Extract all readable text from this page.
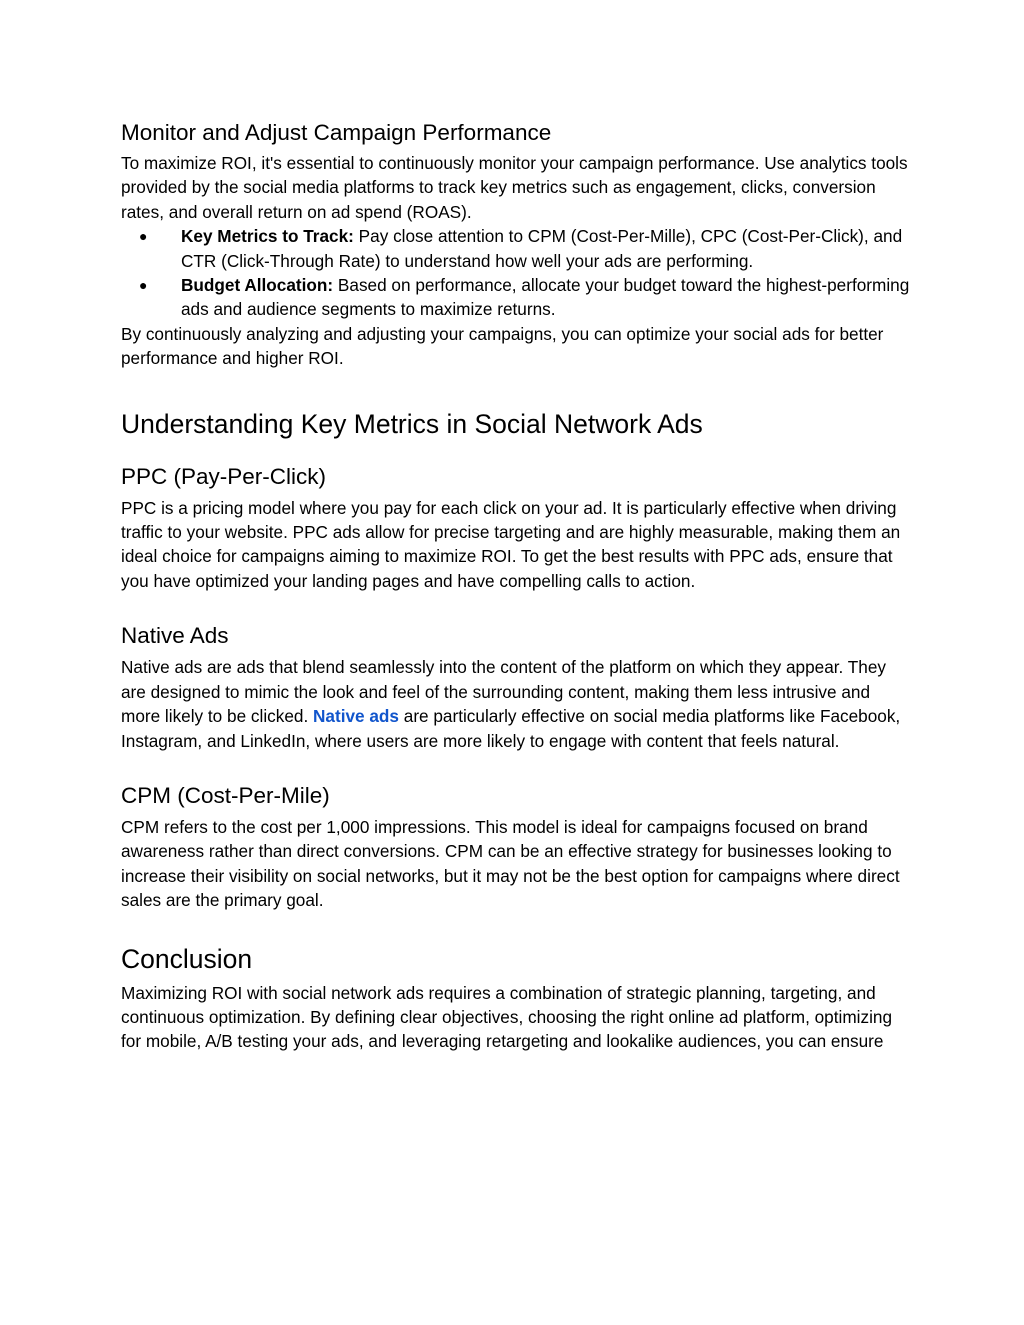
Monitor and Adjust Campaign Performance

To maximize ROI, it's essential to continuously monitor your campaign performance. Use analytics tools provided by the social media platforms to track key metrics such as engagement, clicks, conversion rates, and overall return on ad spend (ROAS).

● Key Metrics to Track: Pay close attention to CPM (Cost-Per-Mille), CPC (Cost-Per-Click), and CTR (Click-Through Rate) to understand how well your ads are performing.
● Budget Allocation: Based on performance, allocate your budget toward the highest-performing ads and audience segments to maximize returns.

By continuously analyzing and adjusting your campaigns, you can optimize your social ads for better performance and higher ROI.

Understanding Key Metrics in Social Network Ads
PPC (Pay-Per-Click)

PPC is a pricing model where you pay for each click on your ad. It is particularly effective when driving traffic to your website. PPC ads allow for precise targeting and are highly measurable, making them an ideal choice for campaigns aiming to maximize ROI. To get the best results with PPC ads, ensure that you have optimized your landing pages and have compelling calls to action.

Native Ads

Native ads are ads that blend seamlessly into the content of the platform on which they appear. They are designed to mimic the look and feel of the surrounding content, making them less intrusive and more likely to be clicked. Native ads are particularly effective on social media platforms like Facebook, Instagram, and LinkedIn, where users are more likely to engage with content that feels natural.

CPM (Cost-Per-Mile)

CPM refers to the cost per 1,000 impressions. This model is ideal for campaigns focused on brand awareness rather than direct conversions. CPM can be an effective strategy for businesses looking to increase their visibility on social networks, but it may not be the best option for campaigns where direct sales are the primary goal.

Conclusion

Maximizing ROI with social network ads requires a combination of strategic planning, targeting, and continuous optimization. By defining clear objectives, choosing the right online ad platform, optimizing for mobile, A/B testing your ads, and leveraging retargeting and lookalike audiences, you can ensure
